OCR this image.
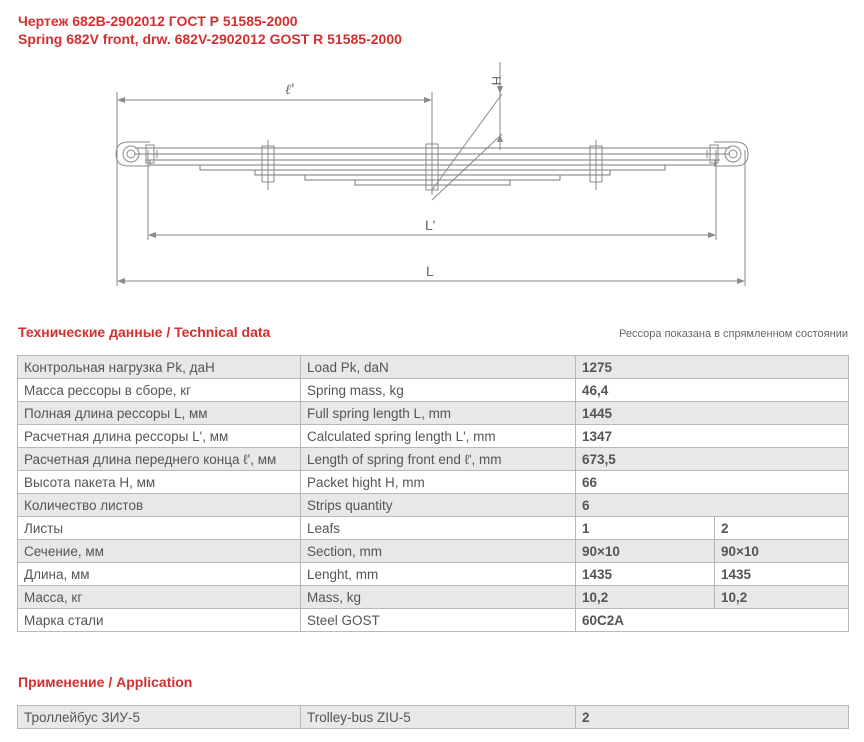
Чертеж 682В-2902012 ГОСТ Р 51585-2000
Spring 682V front, drw. 682V-2902012 GOST R 51585-2000
ℓ'
L'
L
H
Технические данные / Technical data	Рессора показана в спрямленном состоянии
Контрольная нагрузка Pk, даН	Load Pk, daN	1275	
Масса рессоры в сборе, кг	Spring mass, kg	46,4	
Полная длина рессоры L, мм	Full spring length L, mm	1445	
Расчетная длина рессоры L', мм	Calculated spring length L', mm	1347	
Расчетная длина переднего конца ℓ', мм	Length of spring front end ℓ', mm	673,5	
Высота пакета H, мм	Packet hight H, mm	66	
Количество листов	Strips quantity	6	
Листы	Leafs	1	2
Сечение, мм	Section, mm	90×10	90×10
Длина, мм	Lenght, mm	1435	1435
Масса, кг	Mass, kg	10,2	10,2
Марка стали	Steel GOST	60С2А	
Применение / Application
Троллейбус ЗИУ-5	Trolley-bus ZIU-5	2
